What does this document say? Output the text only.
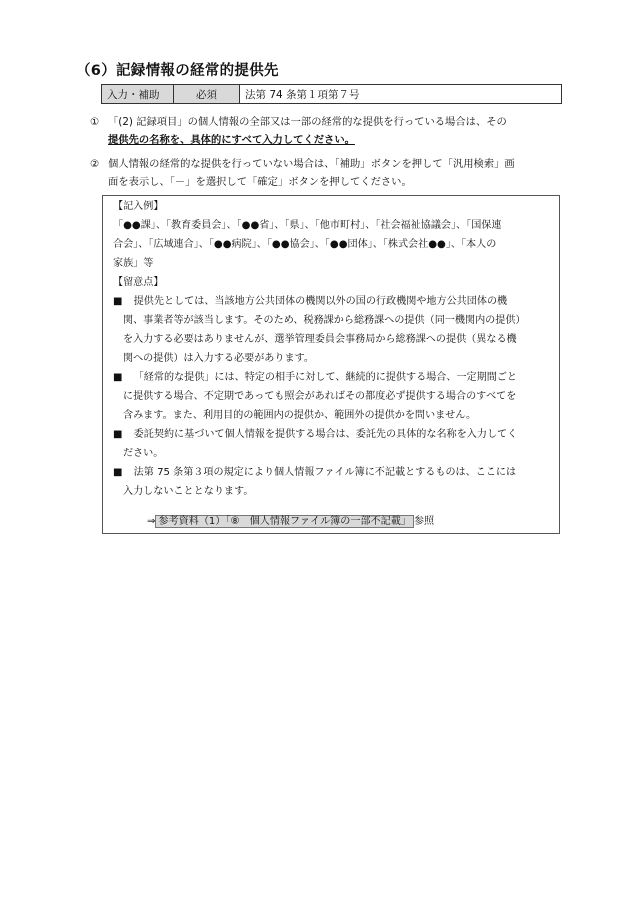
（6）記録情報の経常的提供先
入力・補助	必須	法第 74 条第１項第７号
① 「(2) 記録項目」の個人情報の全部又は一部の経常的な提供を行っている場合は、その
提供先の名称を、具体的にすべて入力してください。
② 個人情報の経常的な提供を行っていない場合は、「補助」ボタンを押して「汎用検索」画
面を表示し、「－」を選択して「確定」ボタンを押してください。
【記入例】
「●●課」、「教育委員会」、「●●省」、「県」、「他市町村」、「社会福祉協議会」、「国保連
合会」、「広域連合」、「●●病院」、「●●協会」、「●●団体」、「株式会社●●」、「本人の
家族」等
【留意点】
■ 提供先としては、当該地方公共団体の機関以外の国の行政機関や地方公共団体の機
関、事業者等が該当します。そのため、税務課から総務課への提供（同一機関内の提供）
を入力する必要はありませんが、選挙管理委員会事務局から総務課への提供（異なる機
関への提供）は入力する必要があります。
■ 「経常的な提供」には、特定の相手に対して、継続的に提供する場合、一定期間ごと
に提供する場合、不定期であっても照会があればその都度必ず提供する場合のすべてを
含みます。また、利用目的の範囲内の提供か、範囲外の提供かを問いません。
■ 委託契約に基づいて個人情報を提供する場合は、委託先の具体的な名称を入力してく
ださい。
■ 法第 75 条第３項の規定により個人情報ファイル簿に不記載とするものは、ここには
入力しないこととなります。
⇒ 参考資料（1）「⑧　個人情報ファイル簿の一部不記載」 参照
